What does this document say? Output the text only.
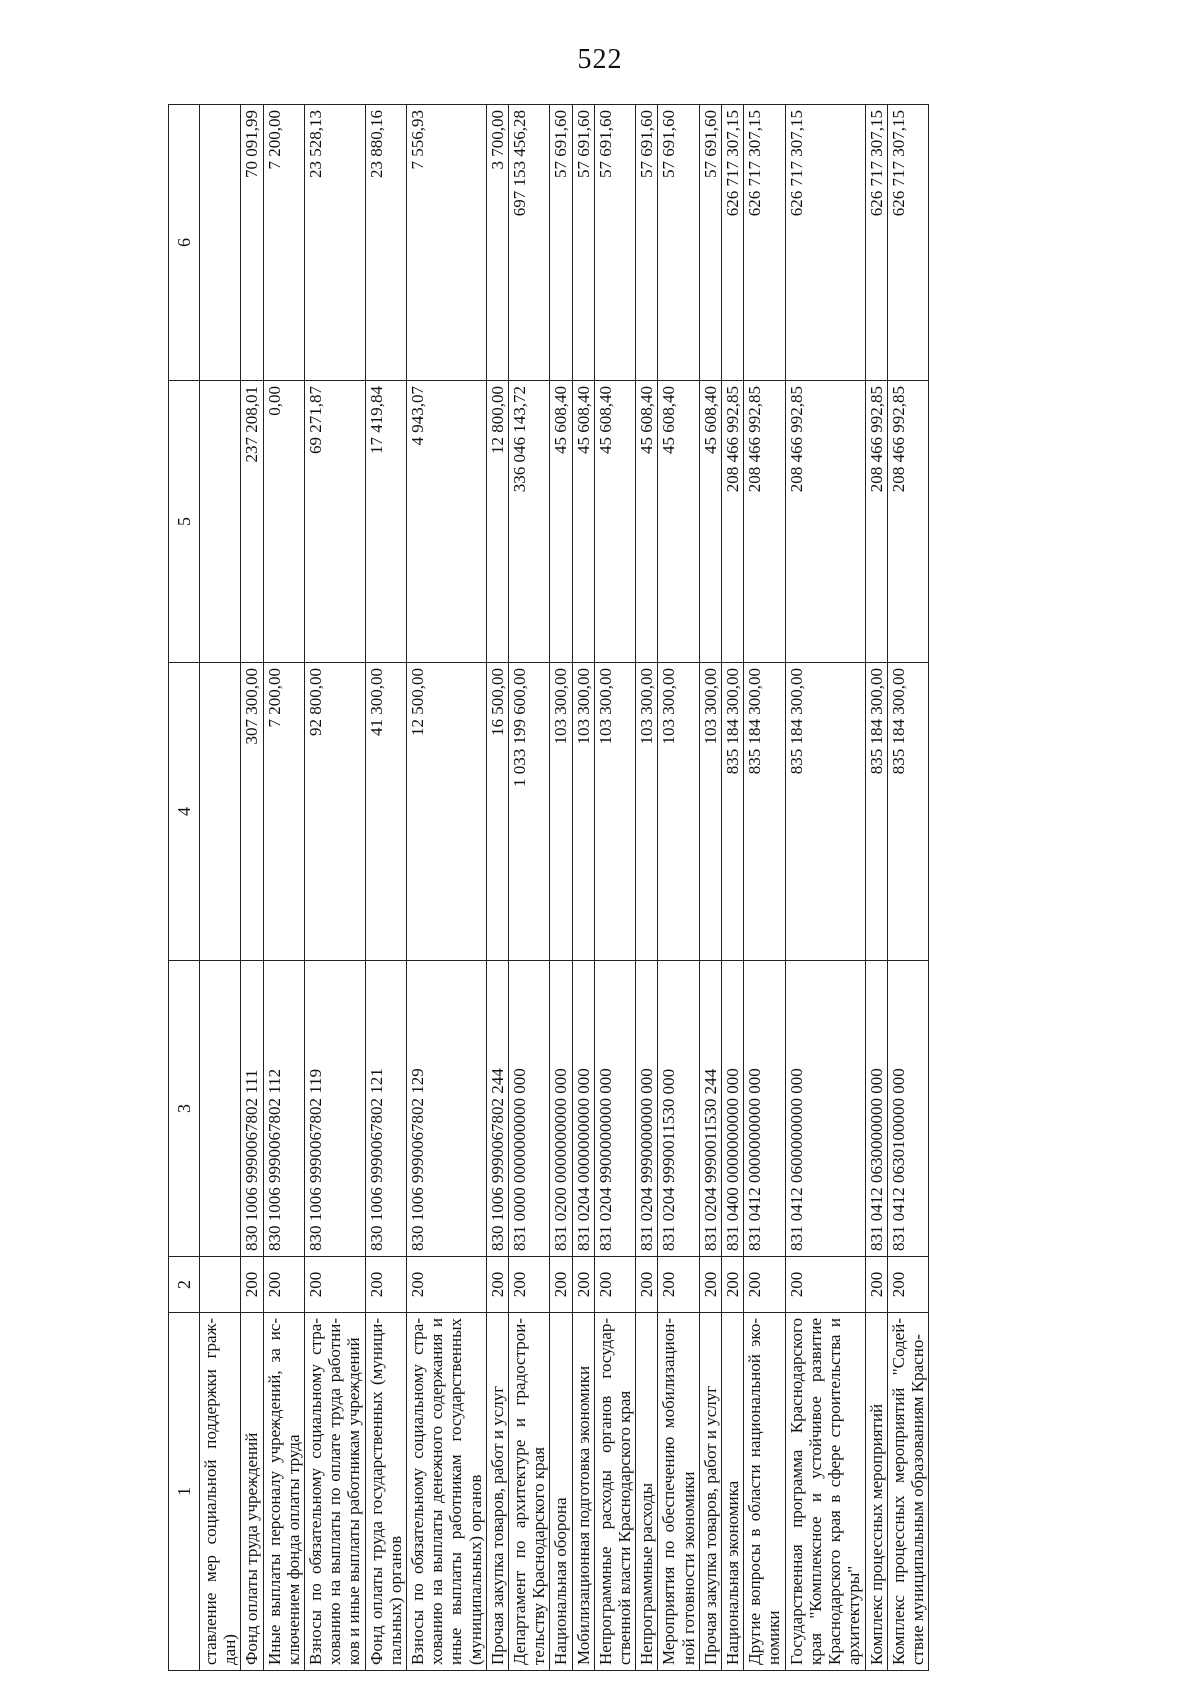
522
1	2	3	4	5	6
ставление мер социальной поддержки граж-дан)					
Фонд оплаты труда учреждений	200	830 1006 9990067802 111	307 300,00	237 208,01	70 091,99
Иные выплаты персоналу учреждений, за ис-ключением фонда оплаты труда	200	830 1006 9990067802 112	7 200,00	0,00	7 200,00
Взносы по обязательному социальному стра-хованию на выплаты по оплате труда работни-ков и иные выплаты работникам учреждений	200	830 1006 9990067802 119	92 800,00	69 271,87	23 528,13
Фонд оплаты труда государственных (муници-пальных) органов	200	830 1006 9990067802 121	41 300,00	17 419,84	23 880,16
Взносы по обязательному социальному стра-хованию на выплаты денежного содержания и иные выплаты работникам государственных (муниципальных) органов	200	830 1006 9990067802 129	12 500,00	4 943,07	7 556,93
Прочая закупка товаров, работ и услуг	200	830 1006 9990067802 244	16 500,00	12 800,00	3 700,00
Департамент по архитектуре и градострои-тельству Краснодарского края	200	831 0000 0000000000 000	1 033 199 600,00	336 046 143,72	697 153 456,28
Национальная оборона	200	831 0200 0000000000 000	103 300,00	45 608,40	57 691,60
Мобилизационная подготовка экономики	200	831 0204 0000000000 000	103 300,00	45 608,40	57 691,60
Непрограммные расходы органов государ-ственной власти Краснодарского края	200	831 0204 9900000000 000	103 300,00	45 608,40	57 691,60
Непрограммные расходы	200	831 0204 9990000000 000	103 300,00	45 608,40	57 691,60
Мероприятия по обеспечению мобилизацион-ной готовности экономики	200	831 0204 9990011530 000	103 300,00	45 608,40	57 691,60
Прочая закупка товаров, работ и услуг	200	831 0204 9990011530 244	103 300,00	45 608,40	57 691,60
Национальная экономика	200	831 0400 0000000000 000	835 184 300,00	208 466 992,85	626 717 307,15
Другие вопросы в области национальной эко-номики	200	831 0412 0000000000 000	835 184 300,00	208 466 992,85	626 717 307,15
Государственная программа Краснодарского края "Комплексное и устойчивое развитие Краснодарского края в сфере строительства и архитектуры"	200	831 0412 0600000000 000	835 184 300,00	208 466 992,85	626 717 307,15
Комплекс процессных мероприятий	200	831 0412 0630000000 000	835 184 300,00	208 466 992,85	626 717 307,15
Комплекс процессных мероприятий "Содей-ствие муниципальным образованиям Красно-	200	831 0412 0630100000 000	835 184 300,00	208 466 992,85	626 717 307,15
